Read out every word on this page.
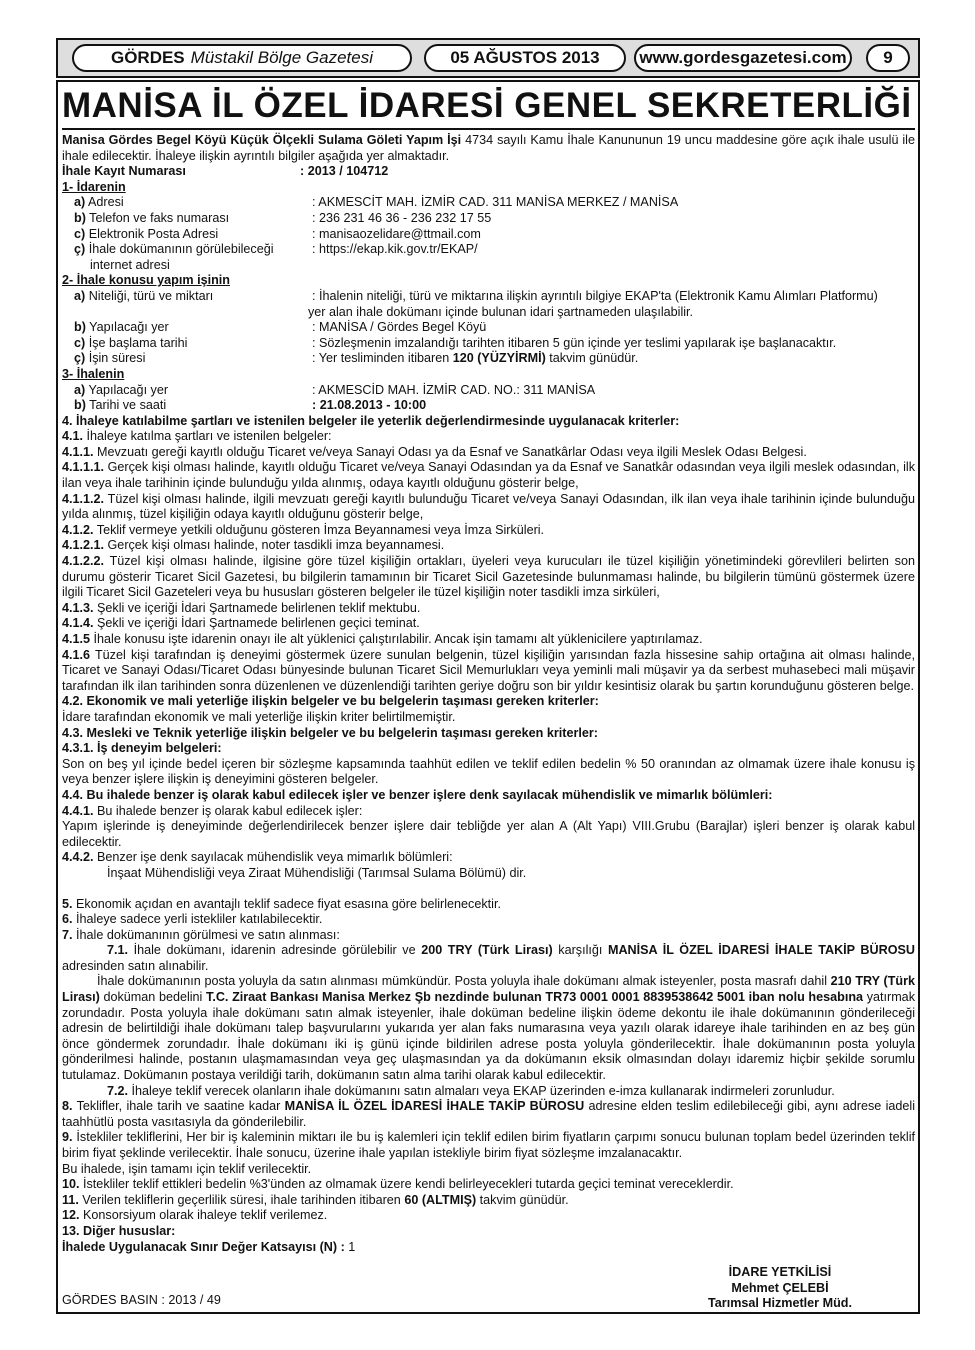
GÖRDES Müstakil Bölge Gazetesi	05 AĞUSTOS 2013 www.gordesgazetesi.com 9
MANİSA İL ÖZEL İDARESİ GENEL SEKRETERLİĞİ

Manisa Gördes Begel Köyü Küçük Ölçekli Sulama Göleti Yapım İşi 4734 sayılı Kamu İhale Kanununun 19 uncu maddesine göre açık ihale usulü ile ihale edilecektir. İhaleye ilişkin ayrıntılı bilgiler aşağıda yer almaktadır.

İhale Kayıt Numarası	: 2013 / 104712

1- İdarenin

a) Adresi	: AKMESCİT MAH. İZMİR CAD. 311 MANİSA MERKEZ / MANİSA
b) Telefon ve faks numarası	: 236 231 46 36 - 236 232 17 55
c) Elektronik Posta Adresi	: manisaozelidare@ttmail.com
ç) İhale dokümanının görülebileceği	: https://ekap.kik.gov.tr/EKAP/

internet adresi

2- İhale konusu yapım işinin

a) Niteliği, türü ve miktarı	: İhalenin niteliği, türü ve miktarına ilişkin ayrıntılı bilgiye EKAP'ta (Elektronik Kamu Alımları Platformu)
yer alan ihale dokümanı içinde bulunan idari şartnameden ulaşılabilir.
b) Yapılacağı yer	: MANİSA / Gördes Begel Köyü
c) İşe başlama tarihi	: Sözleşmenin imzalandığı tarihten itibaren 5 gün içinde yer teslimi yapılarak işe başlanacaktır.
ç) İşin süresi	: Yer tesliminden itibaren 120 (YÜZYİRMİ) takvim günüdür.

3- İhalenin

a) Yapılacağı yer	: AKMESCİD MAH. İZMİR CAD. NO.: 311 MANİSA
b) Tarihi ve saati	: 21.08.2013 - 10:00

4. İhaleye katılabilme şartları ve istenilen belgeler ile yeterlik değerlendirmesinde uygulanacak kriterler:

4.1. İhaleye katılma şartları ve istenilen belgeler:

4.1.1. Mevzuatı gereği kayıtlı olduğu Ticaret ve/veya Sanayi Odası ya da Esnaf ve Sanatkârlar Odası veya ilgili Meslek Odası Belgesi.

4.1.1.1. Gerçek kişi olması halinde, kayıtlı olduğu Ticaret ve/veya Sanayi Odasından ya da Esnaf ve Sanatkâr odasından veya ilgili meslek odasından, ilk ilan veya ihale tarihinin içinde bulunduğu yılda alınmış, odaya kayıtlı olduğunu gösterir belge,

4.1.1.2. Tüzel kişi olması halinde, ilgili mevzuatı gereği kayıtlı bulunduğu Ticaret ve/veya Sanayi Odasından, ilk ilan veya ihale tarihinin içinde bulunduğu yılda alınmış, tüzel kişiliğin odaya kayıtlı olduğunu gösterir belge,

4.1.2. Teklif vermeye yetkili olduğunu gösteren İmza Beyannamesi veya İmza Sirküleri.

4.1.2.1. Gerçek kişi olması halinde, noter tasdikli imza beyannamesi.

4.1.2.2. Tüzel kişi olması halinde, ilgisine göre tüzel kişiliğin ortakları, üyeleri veya kurucuları ile tüzel kişiliğin yönetimindeki görevlileri belirten son durumu gösterir Ticaret Sicil Gazetesi, bu bilgilerin tamamının bir Ticaret Sicil Gazetesinde bulunmaması halinde, bu bilgilerin tümünü göstermek üzere ilgili Ticaret Sicil Gazeteleri veya bu hususları gösteren belgeler ile tüzel kişiliğin noter tasdikli imza sirküleri,

4.1.3. Şekli ve içeriği İdari Şartnamede belirlenen teklif mektubu.

4.1.4. Şekli ve içeriği İdari Şartnamede belirlenen geçici teminat.

4.1.5 İhale konusu işte idarenin onayı ile alt yüklenici çalıştırılabilir. Ancak işin tamamı alt yüklenicilere yaptırılamaz.

4.1.6 Tüzel kişi tarafından iş deneyimi göstermek üzere sunulan belgenin, tüzel kişiliğin yarısından fazla hissesine sahip ortağına ait olması halinde, Ticaret ve Sanayi Odası/Ticaret Odası bünyesinde bulunan Ticaret Sicil Memurlukları veya yeminli mali müşavir ya da serbest muhasebeci mali müşavir tarafından ilk ilan tarihinden sonra düzenlenen ve düzenlendiği tarihten geriye doğru son bir yıldır kesintisiz olarak bu şartın korunduğunu gösteren belge.

4.2. Ekonomik ve mali yeterliğe ilişkin belgeler ve bu belgelerin taşıması gereken kriterler:

İdare tarafından ekonomik ve mali yeterliğe ilişkin kriter belirtilmemiştir.

4.3. Mesleki ve Teknik yeterliğe ilişkin belgeler ve bu belgelerin taşıması gereken kriterler:

4.3.1. İş deneyim belgeleri:

Son on beş yıl içinde bedel içeren bir sözleşme kapsamında taahhüt edilen ve teklif edilen bedelin % 50 oranından az olmamak üzere ihale konusu iş veya benzer işlere ilişkin iş deneyimini gösteren belgeler.

4.4. Bu ihalede benzer iş olarak kabul edilecek işler ve benzer işlere denk sayılacak mühendislik ve mimarlık bölümleri:

4.4.1. Bu ihalede benzer iş olarak kabul edilecek işler:

Yapım işlerinde iş deneyiminde değerlendirilecek benzer işlere dair tebliğde yer alan A (Alt Yapı) VIII.Grubu (Barajlar) işleri benzer iş olarak kabul edilecektir.

4.4.2. Benzer işe denk sayılacak mühendislik veya mimarlık bölümleri:

İnşaat Mühendisliği veya Ziraat Mühendisliği (Tarımsal Sulama Bölümü) dir.

5. Ekonomik açıdan en avantajlı teklif sadece fiyat esasına göre belirlenecektir.

6. İhaleye sadece yerli istekliler katılabilecektir.

7. İhale dokümanının görülmesi ve satın alınması:

7.1. İhale dokümanı, idarenin adresinde görülebilir ve 200 TRY (Türk Lirası) karşılığı MANİSA İL ÖZEL İDARESİ İHALE TAKİP BÜROSU adresinden satın alınabilir.

İhale dokümanının posta yoluyla da satın alınması mümkündür. Posta yoluyla ihale dokümanı almak isteyenler, posta masrafı dahil 210 TRY (Türk Lirası) doküman bedelini T.C. Ziraat Bankası Manisa Merkez Şb nezdinde bulunan TR73 0001 0001 8839538642 5001 iban nolu hesabına yatırmak zorundadır. Posta yoluyla ihale dokümanı satın almak isteyenler, ihale doküman bedeline ilişkin ödeme dekontu ile ihale dokümanının gönderileceği adresin de belirtildiği ihale dokümanı talep başvurularını yukarıda yer alan faks numarasına veya yazılı olarak idareye ihale tarihinden en az beş gün önce göndermek zorundadır. İhale dokümanı iki iş günü içinde bildirilen adrese posta yoluyla gönderilecektir. İhale dokümanının posta yoluyla gönderilmesi halinde, postanın ulaşmamasından veya geç ulaşmasından ya da dokümanın eksik olmasından dolayı idaremiz hiçbir şekilde sorumlu tutulamaz. Dokümanın postaya verildiği tarih, dokümanın satın alma tarihi olarak kabul edilecektir.

7.2. İhaleye teklif verecek olanların ihale dokümanını satın almaları veya EKAP üzerinden e-imza kullanarak indirmeleri zorunludur.

8. Teklifler, ihale tarih ve saatine kadar MANİSA İL ÖZEL İDARESİ İHALE TAKİP BÜROSU adresine elden teslim edilebileceği gibi, aynı adrese iadeli taahhütlü posta vasıtasıyla da gönderilebilir.

9. İstekliler tekliflerini, Her bir iş kaleminin miktarı ile bu iş kalemleri için teklif edilen birim fiyatların çarpımı sonucu bulunan toplam bedel üzerinden teklif birim fiyat şeklinde verilecektir. İhale sonucu, üzerine ihale yapılan istekliyle birim fiyat sözleşme imzalanacaktır.

Bu ihalede, işin tamamı için teklif verilecektir.

10. İstekliler teklif ettikleri bedelin %3'ünden az olmamak üzere kendi belirleyecekleri tutarda geçici teminat vereceklerdir.

11. Verilen tekliflerin geçerlilik süresi, ihale tarihinden itibaren 60 (ALTMIŞ) takvim günüdür.

12. Konsorsiyum olarak ihaleye teklif verilemez.

13. Diğer hususlar:

İhalede Uygulanacak Sınır Değer Katsayısı (N) : 1

İDARE YETKİLİSİ
Mehmet ÇELEBİ
Tarımsal Hizmetler Müd.
GÖRDES BASIN : 2013 / 49
